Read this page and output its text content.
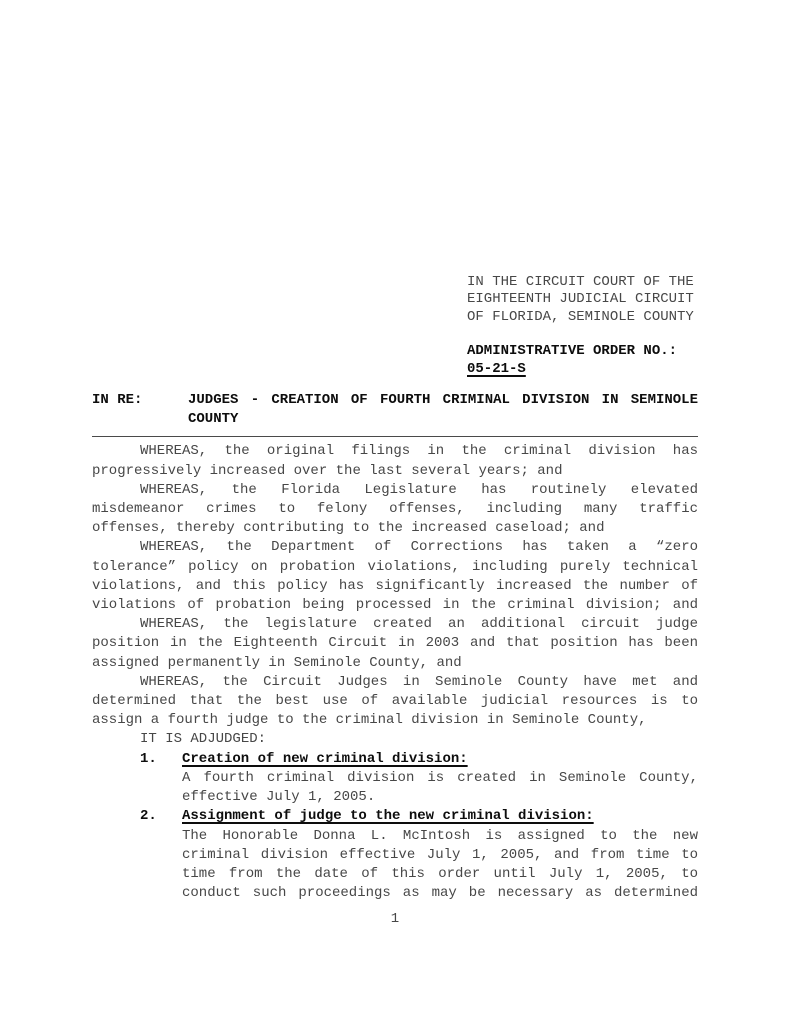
IN THE CIRCUIT COURT OF THE
EIGHTEENTH JUDICIAL CIRCUIT
OF FLORIDA, SEMINOLE COUNTY
ADMINISTRATIVE ORDER NO.:
05-21-S
IN RE:	JUDGES - CREATION OF FOURTH CRIMINAL DIVISION IN SEMINOLE
COUNTY
WHEREAS, the original filings in the criminal division has
progressively increased over the last several years; and
WHEREAS, the Florida Legislature has routinely elevated
misdemeanor crimes to felony offenses, including many traffic
offenses, thereby contributing to the increased caseload; and
WHEREAS, the Department of Corrections has taken a “zero
tolerance” policy on probation violations, including purely technical
violations, and this policy has significantly increased the number of
violations of probation being processed in the criminal division; and
WHEREAS, the legislature created an additional circuit judge
position in the Eighteenth Circuit in 2003 and that position has been
assigned permanently in Seminole County, and
WHEREAS, the Circuit Judges in Seminole County have met and
determined that the best use of available judicial resources is to
assign a fourth judge to the criminal division in Seminole County,
IT IS ADJUDGED:
1.	Creation of new criminal division:
A fourth criminal division is created in Seminole County,
effective July 1, 2005.
2.	Assignment of judge to the new criminal division:
The Honorable Donna L. McIntosh is assigned to the new
criminal division effective July 1, 2005, and from time to
time from the date of this order until July 1, 2005, to
conduct such proceedings as may be necessary as determined
1
